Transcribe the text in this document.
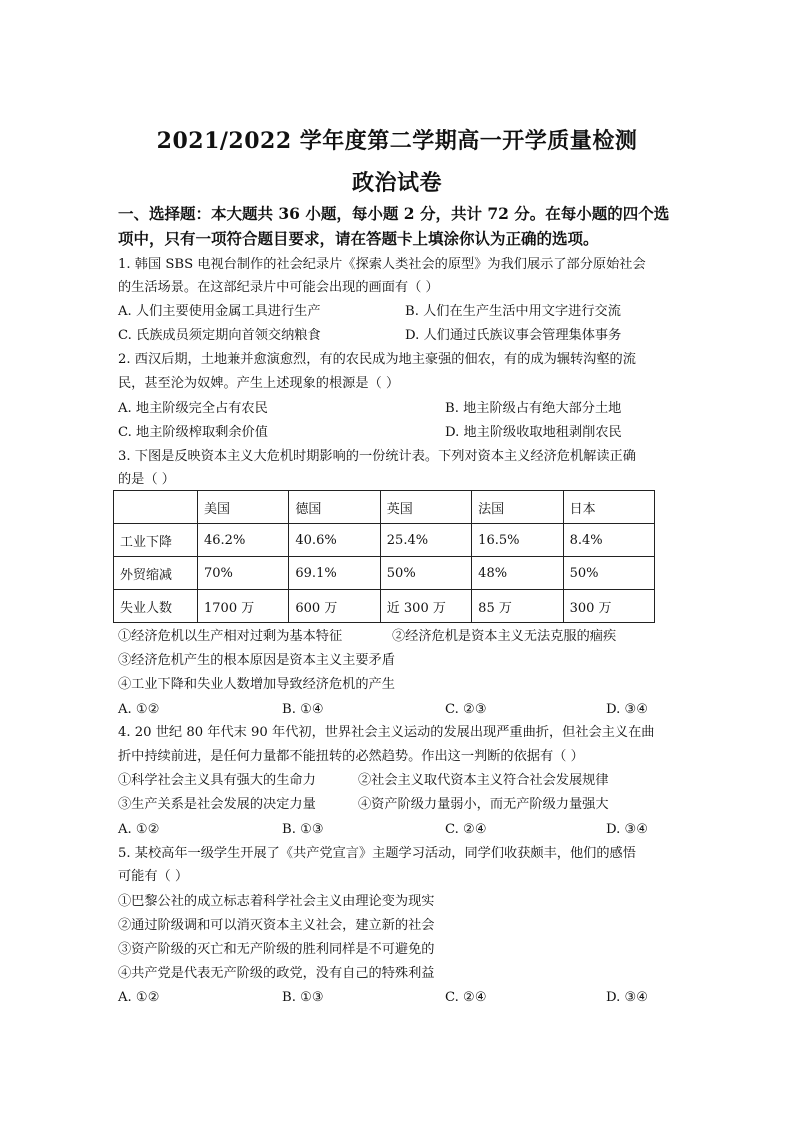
2021/2022 学年度第二学期高一开学质量检测
政治试卷
一、选择题：本大题共 36 小题，每小题 2 分，共计 72 分。在每小题的四个选
项中，只有一项符合题目要求，请在答题卡上填涂你认为正确的选项。
1. 韩国 SBS 电视台制作的社会纪录片《探索人类社会的原型》为我们展示了部分原始社会
的生活场景。在这部纪录片中可能会出现的画面有（ ）
A. 人们主要使用金属工具进行生产	B. 人们在生产生活中用文字进行交流
C. 氏族成员须定期向首领交纳粮食	D. 人们通过氏族议事会管理集体事务
2. 西汉后期，土地兼并愈演愈烈，有的农民成为地主豪强的佃农，有的成为辗转沟壑的流
民，甚至沦为奴婢。产生上述现象的根源是（ ）
A. 地主阶级完全占有农民	B. 地主阶级占有绝大部分土地
C. 地主阶级榨取剩余价值	D. 地主阶级收取地租剥削农民
3. 下图是反映资本主义大危机时期影响的一份统计表。下列对资本主义经济危机解读正确
的是（ ）
	美国	德国	英国	法国	日本
工业下降	46.2%	40.6%	25.4%	16.5%	8.4%
外贸缩减	70%	69.1%	50%	48%	50%
失业人数	1700 万	600 万	近 300 万	85 万	300 万
①经济危机以生产相对过剩为基本特征	②经济危机是资本主义无法克服的痼疾
③经济危机产生的根本原因是资本主义主要矛盾
④工业下降和失业人数增加导致经济危机的产生
A. ①②	B. ①④	C. ②③	D. ③④
4. 20 世纪 80 年代末 90 年代初，世界社会主义运动的发展出现严重曲折，但社会主义在曲
折中持续前进，是任何力量都不能扭转的必然趋势。作出这一判断的依据有（ ）
①科学社会主义具有强大的生命力	②社会主义取代资本主义符合社会发展规律
③生产关系是社会发展的决定力量	④资产阶级力量弱小，而无产阶级力量强大
A. ①②	B. ①③	C. ②④	D. ③④
5. 某校高年一级学生开展了《共产党宣言》主题学习活动，同学们收获颇丰，他们的感悟
可能有（ ）
①巴黎公社的成立标志着科学社会主义由理论变为现实
②通过阶级调和可以消灭资本主义社会，建立新的社会
③资产阶级的灭亡和无产阶级的胜利同样是不可避免的
④共产党是代表无产阶级的政党，没有自己的特殊利益
A. ①②	B. ①③	C. ②④	D. ③④
